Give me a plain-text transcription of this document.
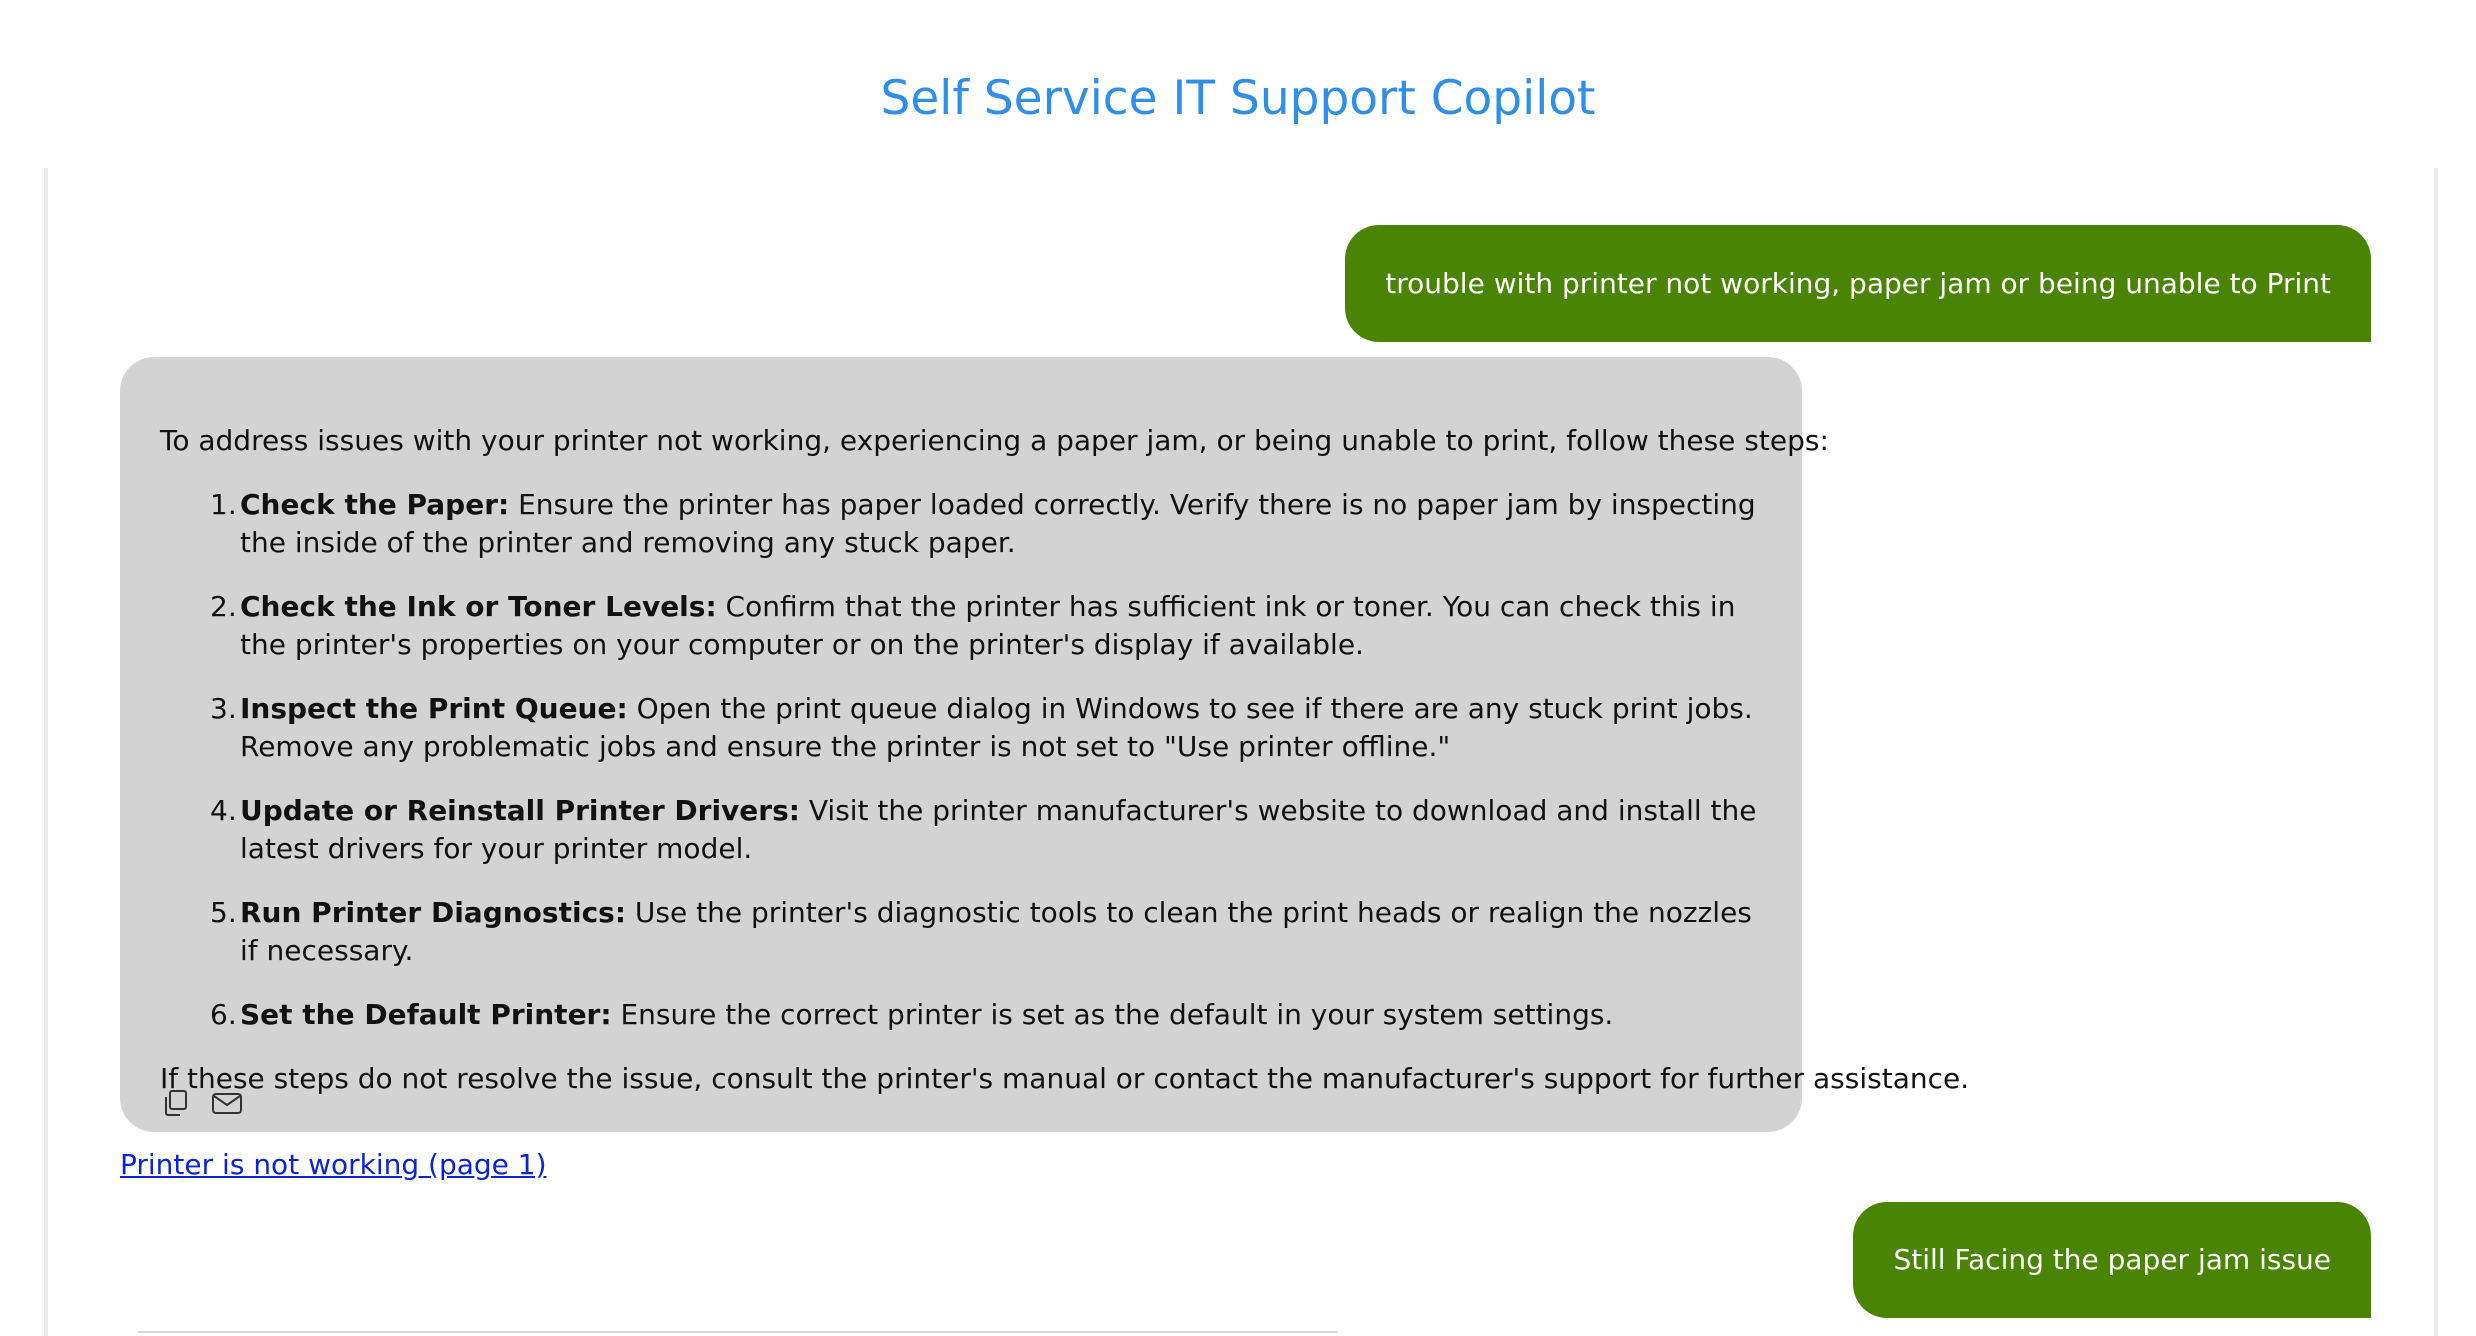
Self Service IT Support Copilot
trouble with printer not working, paper jam or being unable to Print

To address issues with your printer not working, experiencing a paper jam, or being unable to print, follow these steps:

1. Check the Paper: Ensure the printer has paper loaded correctly. Verify there is no paper jam by inspecting the inside of the printer and removing any stuck paper.
2. Check the Ink or Toner Levels: Confirm that the printer has sufficient ink or toner. You can check this in the printer's properties on your computer or on the printer's display if available.
3. Inspect the Print Queue: Open the print queue dialog in Windows to see if there are any stuck print jobs. Remove any problematic jobs and ensure the printer is not set to "Use printer offline."
4. Update or Reinstall Printer Drivers: Visit the printer manufacturer's website to download and install the latest drivers for your printer model.
5. Run Printer Diagnostics: Use the printer's diagnostic tools to clean the print heads or realign the nozzles if necessary.
6. Set the Default Printer: Ensure the correct printer is set as the default in your system settings.

If these steps do not resolve the issue, consult the printer's manual or contact the manufacturer's support for further assistance.

Printer is not working (page 1)
Still Facing the paper jam issue
